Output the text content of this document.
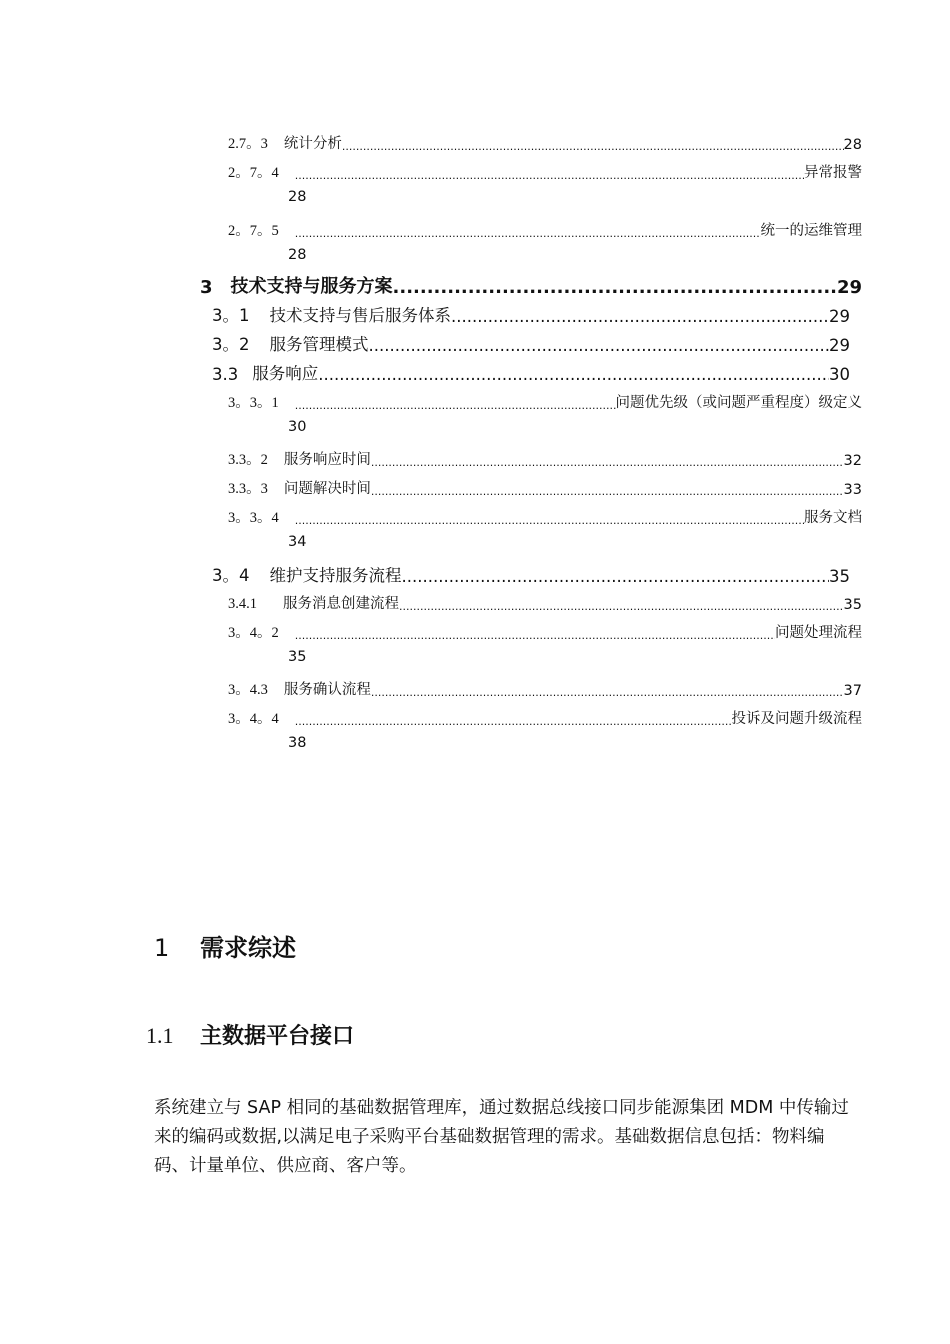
2.7。3 统计分析 .....	28
2。7。4 .....	异常报警
28
2。7。5 .....	统一的运维管理
28
3 技术支持与服务方案 .....	29
3。1 技术支持与售后服务体系 .....	29
3。2 服务管理模式 .....	29
3.3 服务响应 .....	30
3。3。1 .....	问题优先级（或问题严重程度）级定义
30
3.3。2 服务响应时间 .....	32
3.3。3 问题解决时间 .....	33
3。3。4 .....	服务文档
34
3。4 维护支持服务流程 .....	35
3.4.1 服务消息创建流程 .....	35
3。4。2 .....	问题处理流程
35
3。4.3 服务确认流程 .....	37
3。4。4 .....	投诉及问题升级流程
38
1 需求综述
1.1 主数据平台接口
系统建立与 SAP 相同的基础数据管理库，通过数据总线接口同步能源集团 MDM 中传输过来的编码或数据,以满足电子采购平台基础数据管理的需求。基础数据信息包括：物料编码、计量单位、供应商、客户等。
